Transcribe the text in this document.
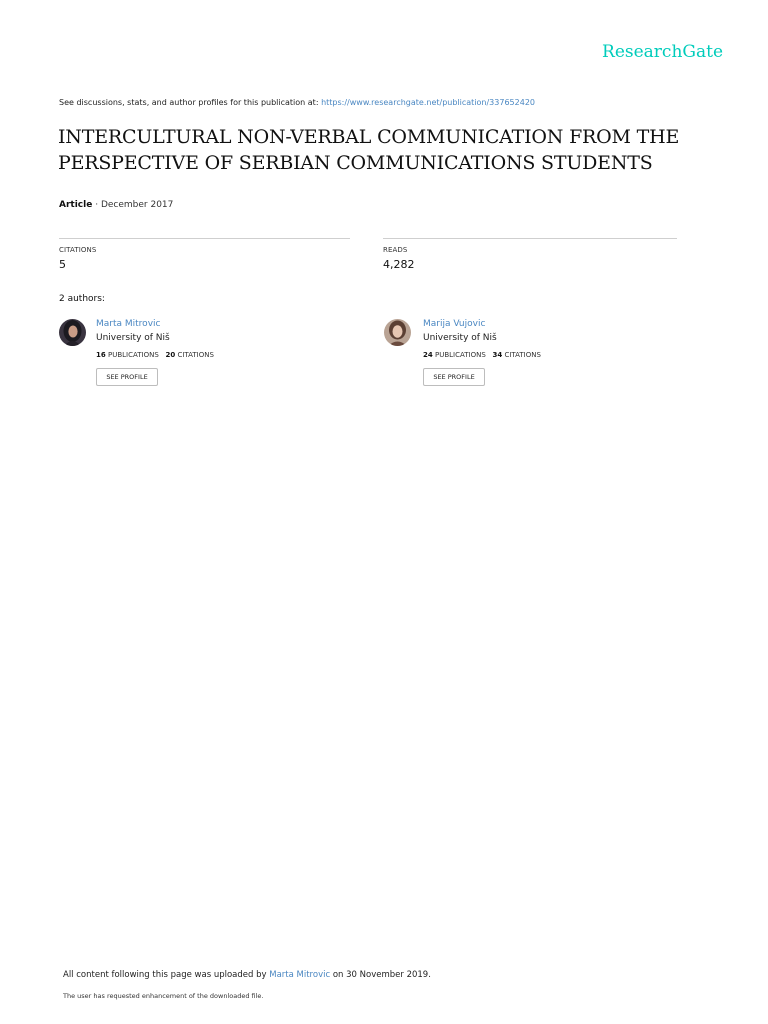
ResearchGate
See discussions, stats, and author profiles for this publication at: https://www.researchgate.net/publication/337652420
INTERCULTURAL NON-VERBAL COMMUNICATION FROM THE PERSPECTIVE OF SERBIAN COMMUNICATIONS STUDENTS
Article · December 2017
CITATIONS
5
READS
4,282
2 authors:
Marta Mitrovic
University of Niš
16 PUBLICATIONS 20 CITATIONS
SEE PROFILE
Marija Vujovic
University of Niš
24 PUBLICATIONS 34 CITATIONS
SEE PROFILE
All content following this page was uploaded by Marta Mitrovic on 30 November 2019.
The user has requested enhancement of the downloaded file.
